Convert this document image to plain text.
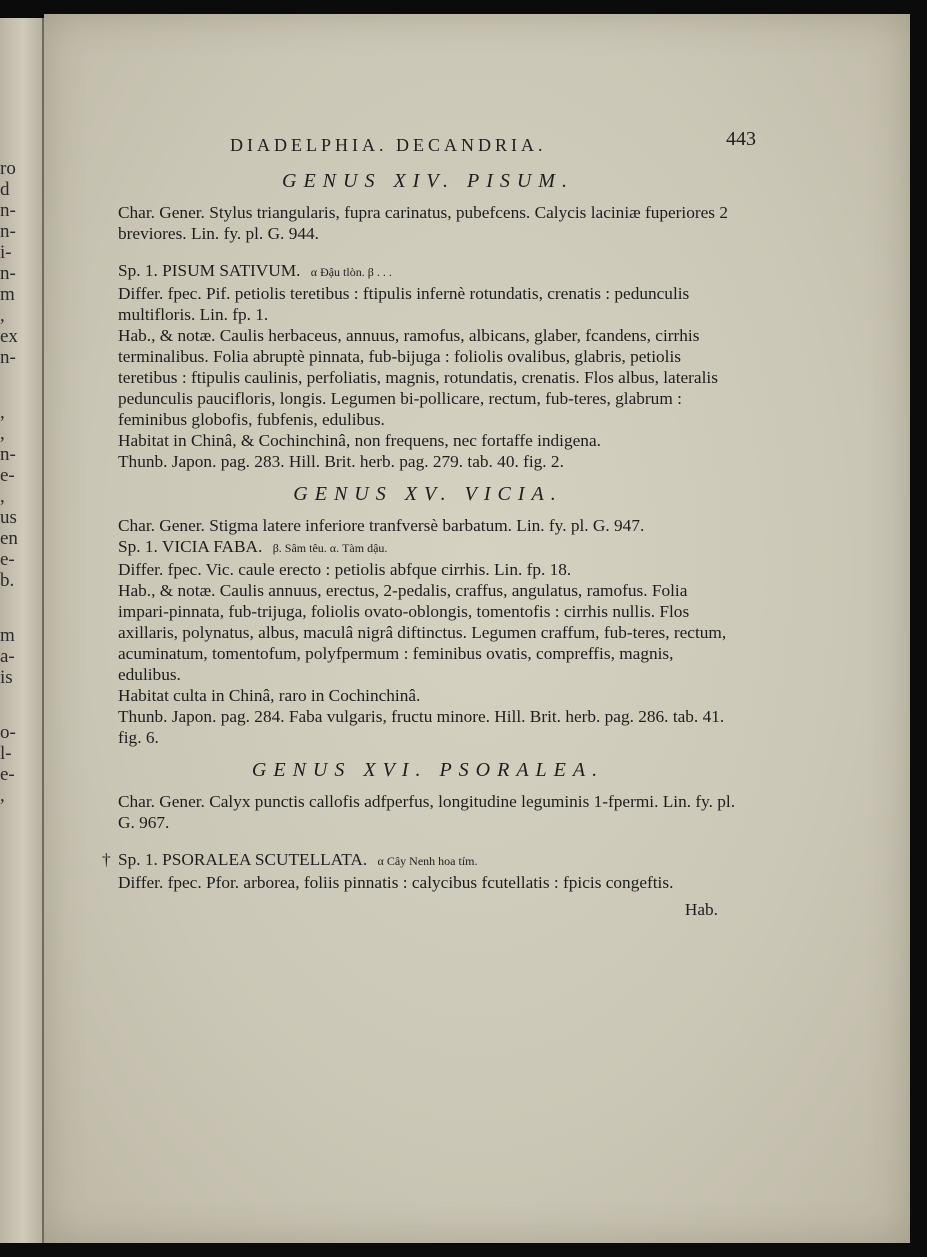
ro
d
n-
n-
i-
n-
m
,
ex
n-
,
,
n-
e-
,
us
en
e-
b.
m
a-
is
o-
l-
e-
,
DIADELPHIA. DECANDRIA.	443
GENUS XIV. PISUM.

Char. Gener. Stylus triangularis, fupra carinatus, pubefcens. Calycis laciniæ fuperiores 2 breviores. Lin. fy. pl. G. 944.

Sp. 1. PISUM SATIVUM. α Đậu tlòn. β . . .

Differ. fpec. Pif. petiolis teretibus : ftipulis infernè rotundatis, crenatis : pedunculis multifloris. Lin. fp. 1.

Hab., & notæ. Caulis herbaceus, annuus, ramofus, albicans, glaber, fcandens, cirrhis terminalibus. Folia abruptè pinnata, fub-bijuga : foliolis ovalibus, glabris, petiolis teretibus : ftipulis caulinis, perfoliatis, magnis, rotundatis, crenatis. Flos albus, lateralis pedunculis paucifloris, longis. Legumen bi-pollicare, rectum, fub-teres, glabrum : feminibus globofis, fubfenis, edulibus.

Habitat in Chinâ, & Cochinchinâ, non frequens, nec fortaffe indigena.

Thunb. Japon. pag. 283. Hill. Brit. herb. pag. 279. tab. 40. fig. 2.

GENUS XV. VICIA.

Char. Gener. Stigma latere inferiore tranfversè barbatum. Lin. fy. pl. G. 947.

Sp. 1. VICIA FABA. β. Sâm têu. α. Tàm dậu.

Differ. fpec. Vic. caule erecto : petiolis abfque cirrhis. Lin. fp. 18.

Hab., & notæ. Caulis annuus, erectus, 2-pedalis, craffus, angulatus, ramofus. Folia impari-pinnata, fub-trijuga, foliolis ovato-oblongis, tomentofis : cirrhis nullis. Flos axillaris, polynatus, albus, maculâ nigrâ diftinctus. Legumen craffum, fub-teres, rectum, acuminatum, tomentofum, polyfpermum : feminibus ovatis, compreffis, magnis, edulibus.

Habitat culta in Chinâ, raro in Cochinchinâ.

Thunb. Japon. pag. 284. Faba vulgaris, fructu minore. Hill. Brit. herb. pag. 286. tab. 41. fig. 6.

GENUS XVI. PSORALEA.

Char. Gener. Calyx punctis callofis adfperfus, longitudine leguminis 1-fpermi. Lin. fy. pl. G. 967.

† Sp. 1. PSORALEA SCUTELLATA. α Cây Nenh hoa tím.

Differ. fpec. Pfor. arborea, foliis pinnatis : calycibus fcutellatis : fpicis congeftis.

Hab.
